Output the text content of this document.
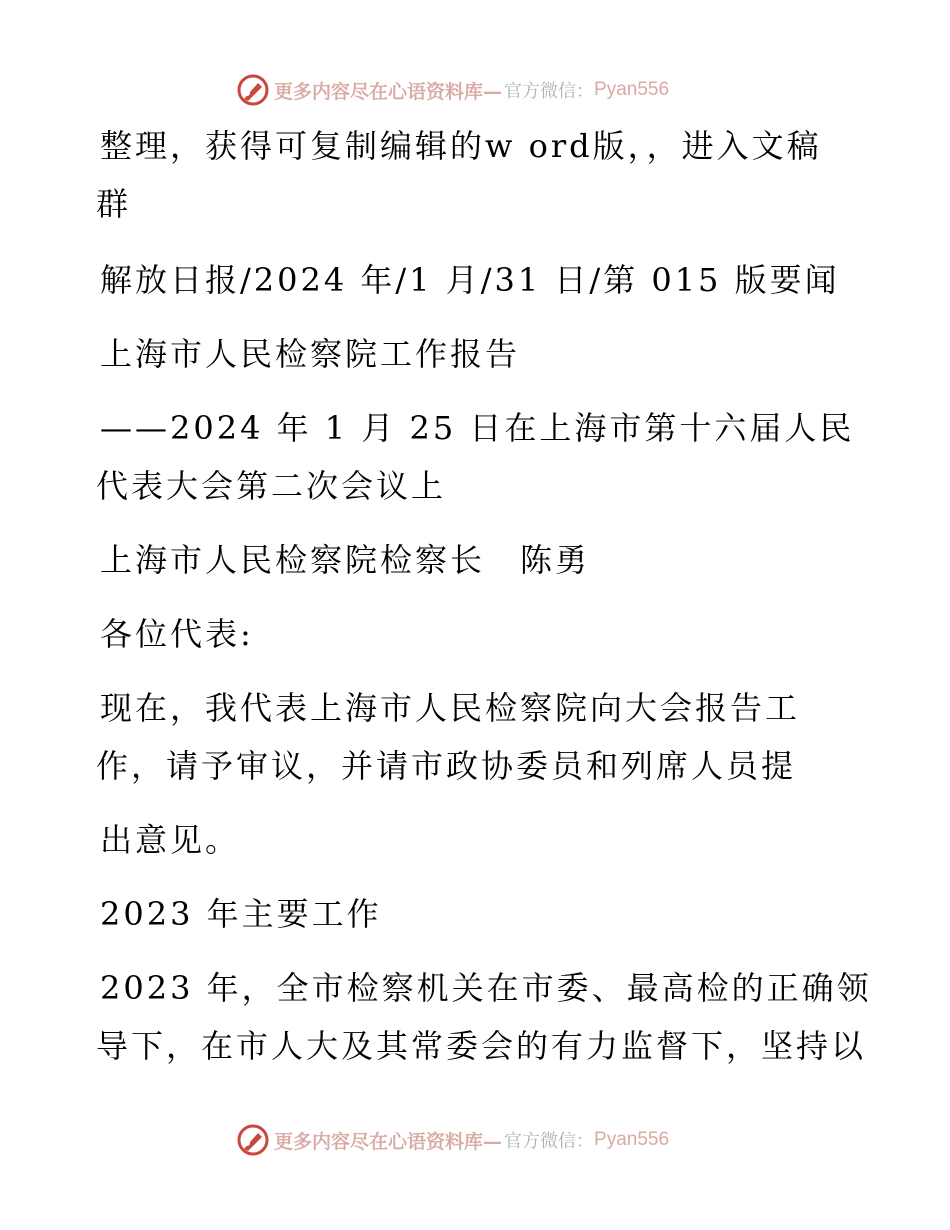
更多内容尽在心语资料库— 官方微信： Pyan556
整理，获得可复制编辑的w ord版，，进入文稿
群
解放日报/2024 年/1 月/31 日/第 015 版要闻
上海市人民检察院工作报告
——2024 年 1 月 25 日在上海市第十六届人民
代表大会第二次会议上
上海市人民检察院检察长　陈勇
各位代表:
现在，我代表上海市人民检察院向大会报告工
作，请予审议，并请市政协委员和列席人员提
出意见。
2023 年主要工作
2023 年，全市检察机关在市委、最高检的正确领
导下，在市人大及其常委会的有力监督下，坚持以
更多内容尽在心语资料库— 官方微信： Pyan556
